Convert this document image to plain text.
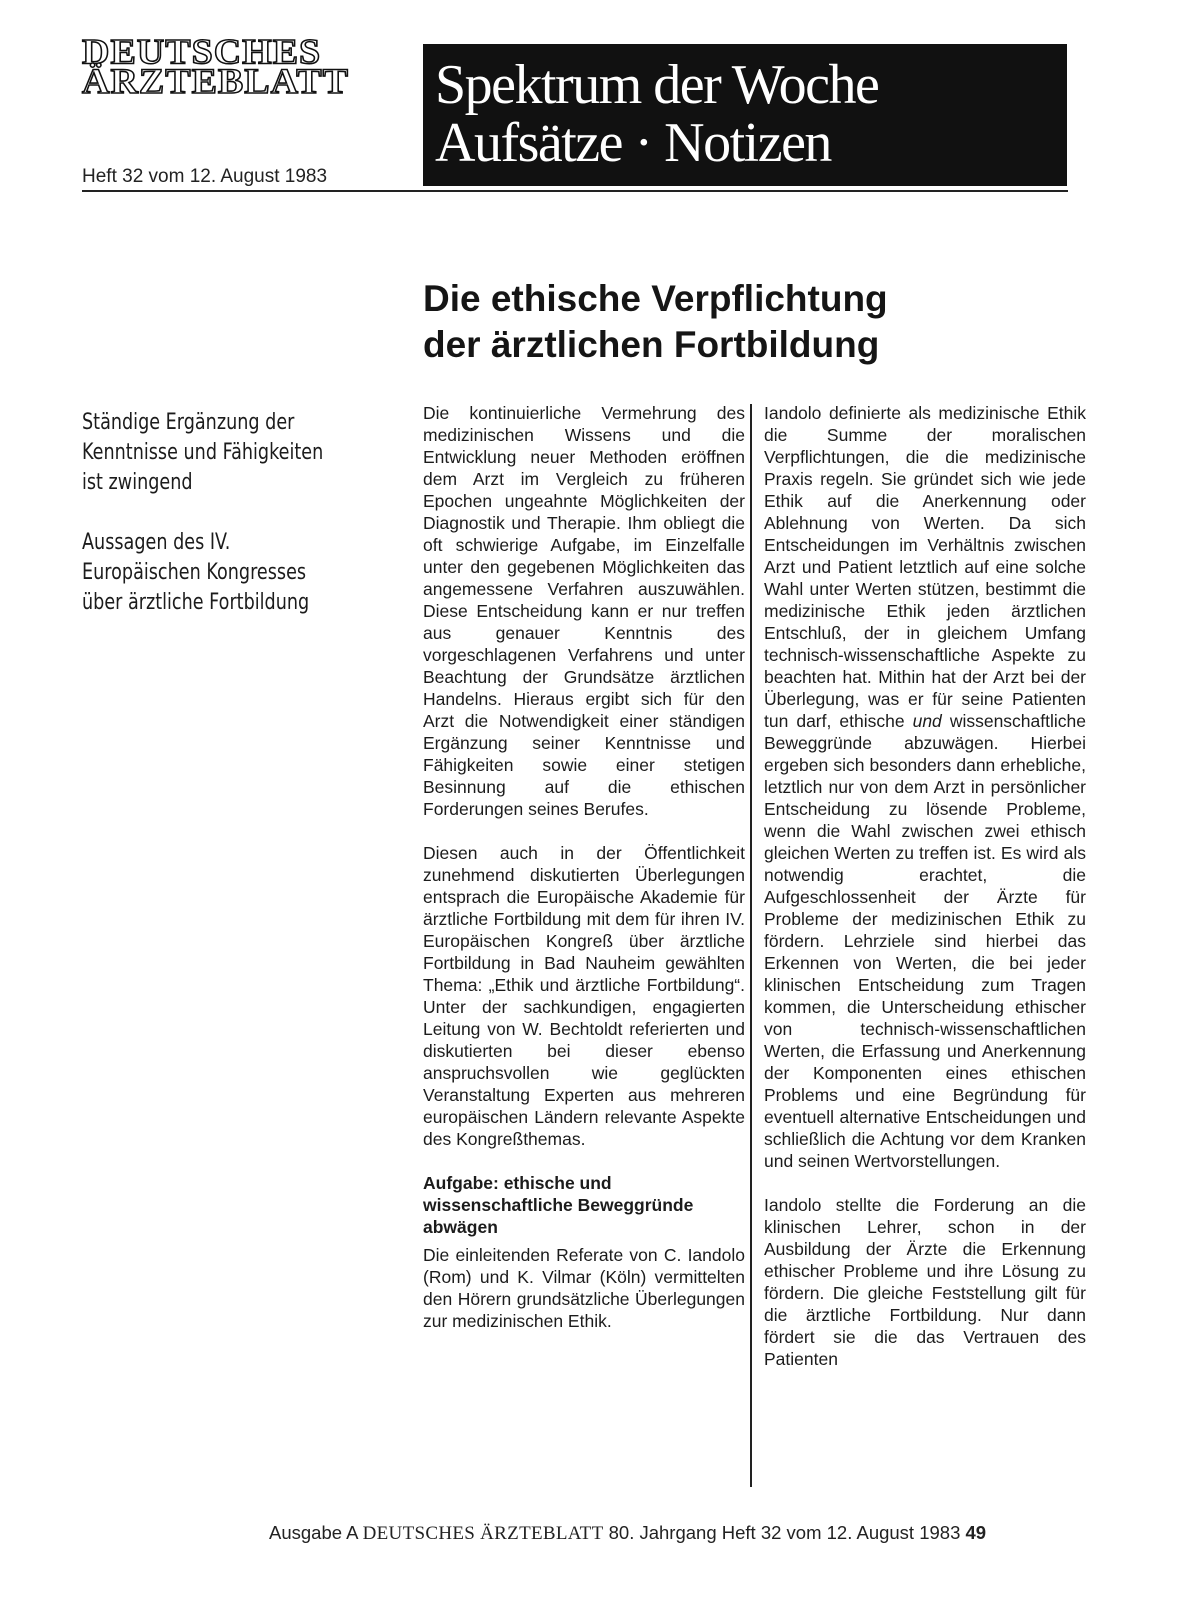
DEUTSCHES
ÄRZTEBLATT
Heft 32 vom 12. August 1983
Spektrum der Woche
Aufsätze · Notizen
Die ethische Verpflichtung
der ärztlichen Fortbildung

Ständige Ergänzung der Kenntnisse und Fähigkeiten ist zwingend

Aussagen des IV. Europäischen Kongresses über ärztliche Fortbildung

Die kontinuierliche Vermehrung des medizinischen Wissens und die Entwicklung neuer Methoden eröffnen dem Arzt im Vergleich zu früheren Epochen ungeahnte Möglichkeiten der Diagnostik und Therapie. Ihm obliegt die oft schwierige Aufgabe, im Einzelfalle unter den gegebenen Möglichkeiten das angemessene Verfahren auszuwählen. Diese Entscheidung kann er nur treffen aus genauer Kenntnis des vorgeschlagenen Verfahrens und unter Beachtung der Grundsätze ärztlichen Handelns. Hieraus ergibt sich für den Arzt die Notwendigkeit einer ständigen Ergänzung seiner Kenntnisse und Fähigkeiten sowie einer stetigen Besinnung auf die ethischen Forderungen seines Berufes.

Diesen auch in der Öffentlichkeit zunehmend diskutierten Überlegungen entsprach die Europäische Akademie für ärztliche Fortbildung mit dem für ihren IV. Europäischen Kongreß über ärztliche Fortbildung in Bad Nauheim gewählten Thema: „Ethik und ärztliche Fortbildung“. Unter der sachkundigen, engagierten Leitung von W. Bechtoldt referierten und diskutierten bei dieser ebenso anspruchsvollen wie geglückten Veranstaltung Experten aus mehreren europäischen Ländern relevante Aspekte des Kongreßthemas.

Aufgabe: ethische und wissenschaftliche Beweggründe abwägen

Die einleitenden Referate von C. Iandolo (Rom) und K. Vilmar (Köln) vermittelten den Hörern grundsätzliche Überlegungen zur medizinischen Ethik.

Iandolo definierte als medizinische Ethik die Summe der moralischen Verpflichtungen, die die medizinische Praxis regeln. Sie gründet sich wie jede Ethik auf die Anerkennung oder Ablehnung von Werten. Da sich Entscheidungen im Verhältnis zwischen Arzt und Patient letztlich auf eine solche Wahl unter Werten stützen, bestimmt die medizinische Ethik jeden ärztlichen Entschluß, der in gleichem Umfang technisch-wissenschaftliche Aspekte zu beachten hat. Mithin hat der Arzt bei der Überlegung, was er für seine Patienten tun darf, ethische und wissenschaftliche Beweggründe abzuwägen. Hierbei ergeben sich besonders dann erhebliche, letztlich nur von dem Arzt in persönlicher Entscheidung zu lösende Probleme, wenn die Wahl zwischen zwei ethisch gleichen Werten zu treffen ist. Es wird als notwendig erachtet, die Aufgeschlossenheit der Ärzte für Probleme der medizinischen Ethik zu fördern. Lehrziele sind hierbei das Erkennen von Werten, die bei jeder klinischen Entscheidung zum Tragen kommen, die Unterscheidung ethischer von technisch-wissenschaftlichen Werten, die Erfassung und Anerkennung der Komponenten eines ethischen Problems und eine Begründung für eventuell alternative Entscheidungen und schließlich die Achtung vor dem Kranken und seinen Wertvorstellungen.

Iandolo stellte die Forderung an die klinischen Lehrer, schon in der Ausbildung der Ärzte die Erkennung ethischer Probleme und ihre Lösung zu fördern. Die gleiche Feststellung gilt für die ärztliche Fortbildung. Nur dann fördert sie die das Vertrauen des Patienten

Ausgabe A DEUTSCHES ÄRZTEBLATT 80. Jahrgang Heft 32 vom 12. August 1983 49
